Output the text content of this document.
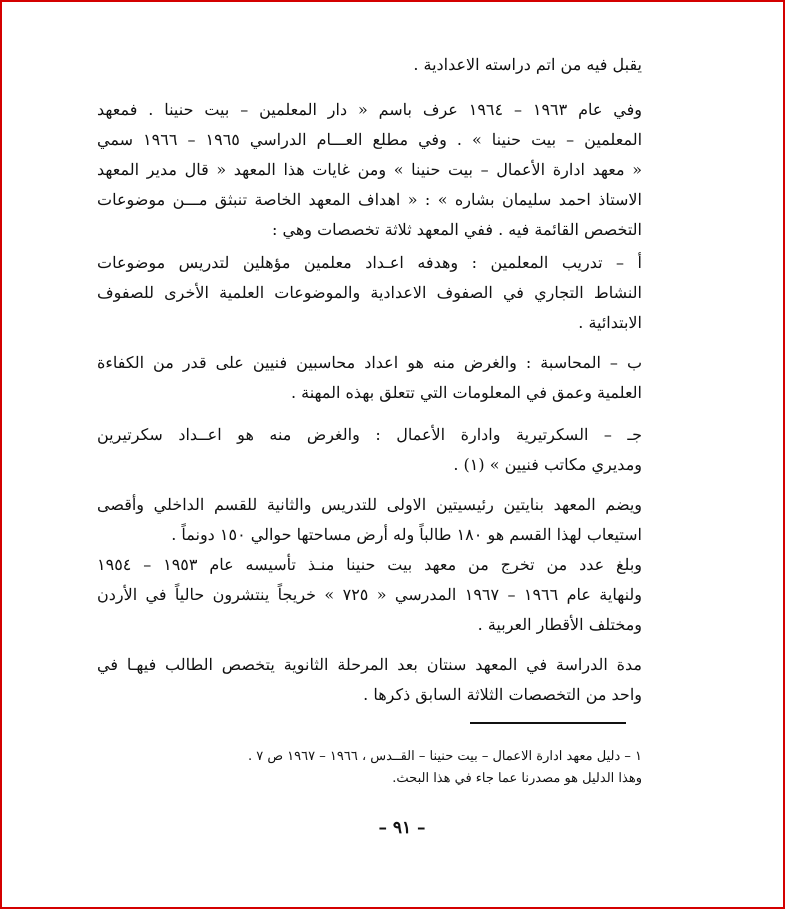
يقبل فيه من اتم دراسته الاعدادية .
وفي عام ١٩٦٣ – ١٩٦٤ عرف باسم « دار المعلمين – بيت حنينا . فمعهد
المعلمين – بيت حنينا » . وفي مطلع العـــام الدراسي ١٩٦٥ – ١٩٦٦ سمي
« معهد ادارة الأعمال – بيت حنينا » ومن غايات هذا المعهد « قال مدير المعهد
الاستاذ احمد سليمان بشاره » : « اهداف المعهد الخاصة تنبثق مـــن موضوعات
التخصص القائمة فيه . ففي المعهد ثلاثة تخصصات وهي :
أ – تدريب المعلمين : وهدفه اعـداد معلمين مؤهلين لتدريس موضوعات
النشاط التجاري في الصفوف الاعدادية والموضوعات العلمية الأخرى للصفوف
الابتدائية .
ب – المحاسبة : والغرض منه هو اعداد محاسبين فنيين على قدر من الكفاءة
العلمية وعمق في المعلومات التي تتعلق بهذه المهنة .
جـ – السكرتيرية وادارة الأعمال : والغرض منه هو اعــداد سكرتيرين
ومديري مكاتب فنيين » (١) .
ويضم المعهد بنايتين رئيسيتين الاولى للتدريس والثانية للقسم الداخلي وأقصى
استيعاب لهذا القسم هو ١٨٠ طالباً وله أرض مساحتها حوالي ١٥٠ دونماً .
وبلغ عدد من تخرج من معهد بيت حنينا منـذ تأسيسه عام ١٩٥٣ – ١٩٥٤
ولنهاية عام ١٩٦٦ – ١٩٦٧ المدرسي « ٧٢٥ » خريجاً ينتشرون حالياً في الأردن
ومختلف الأقطار العربية .
مدة الدراسة في المعهد سنتان بعد المرحلة الثانوية يتخصص الطالب فيهـا في
واحد من التخصصات الثلاثة السابق ذكرها .
١ – دليل معهد ادارة الاعمال – بيت حنينا – القــدس ، ١٩٦٦ – ١٩٦٧ ص ٧ .
وهذا الدليل هو مصدرنا عما جاء في هذا البحث.
– ٩١ –
